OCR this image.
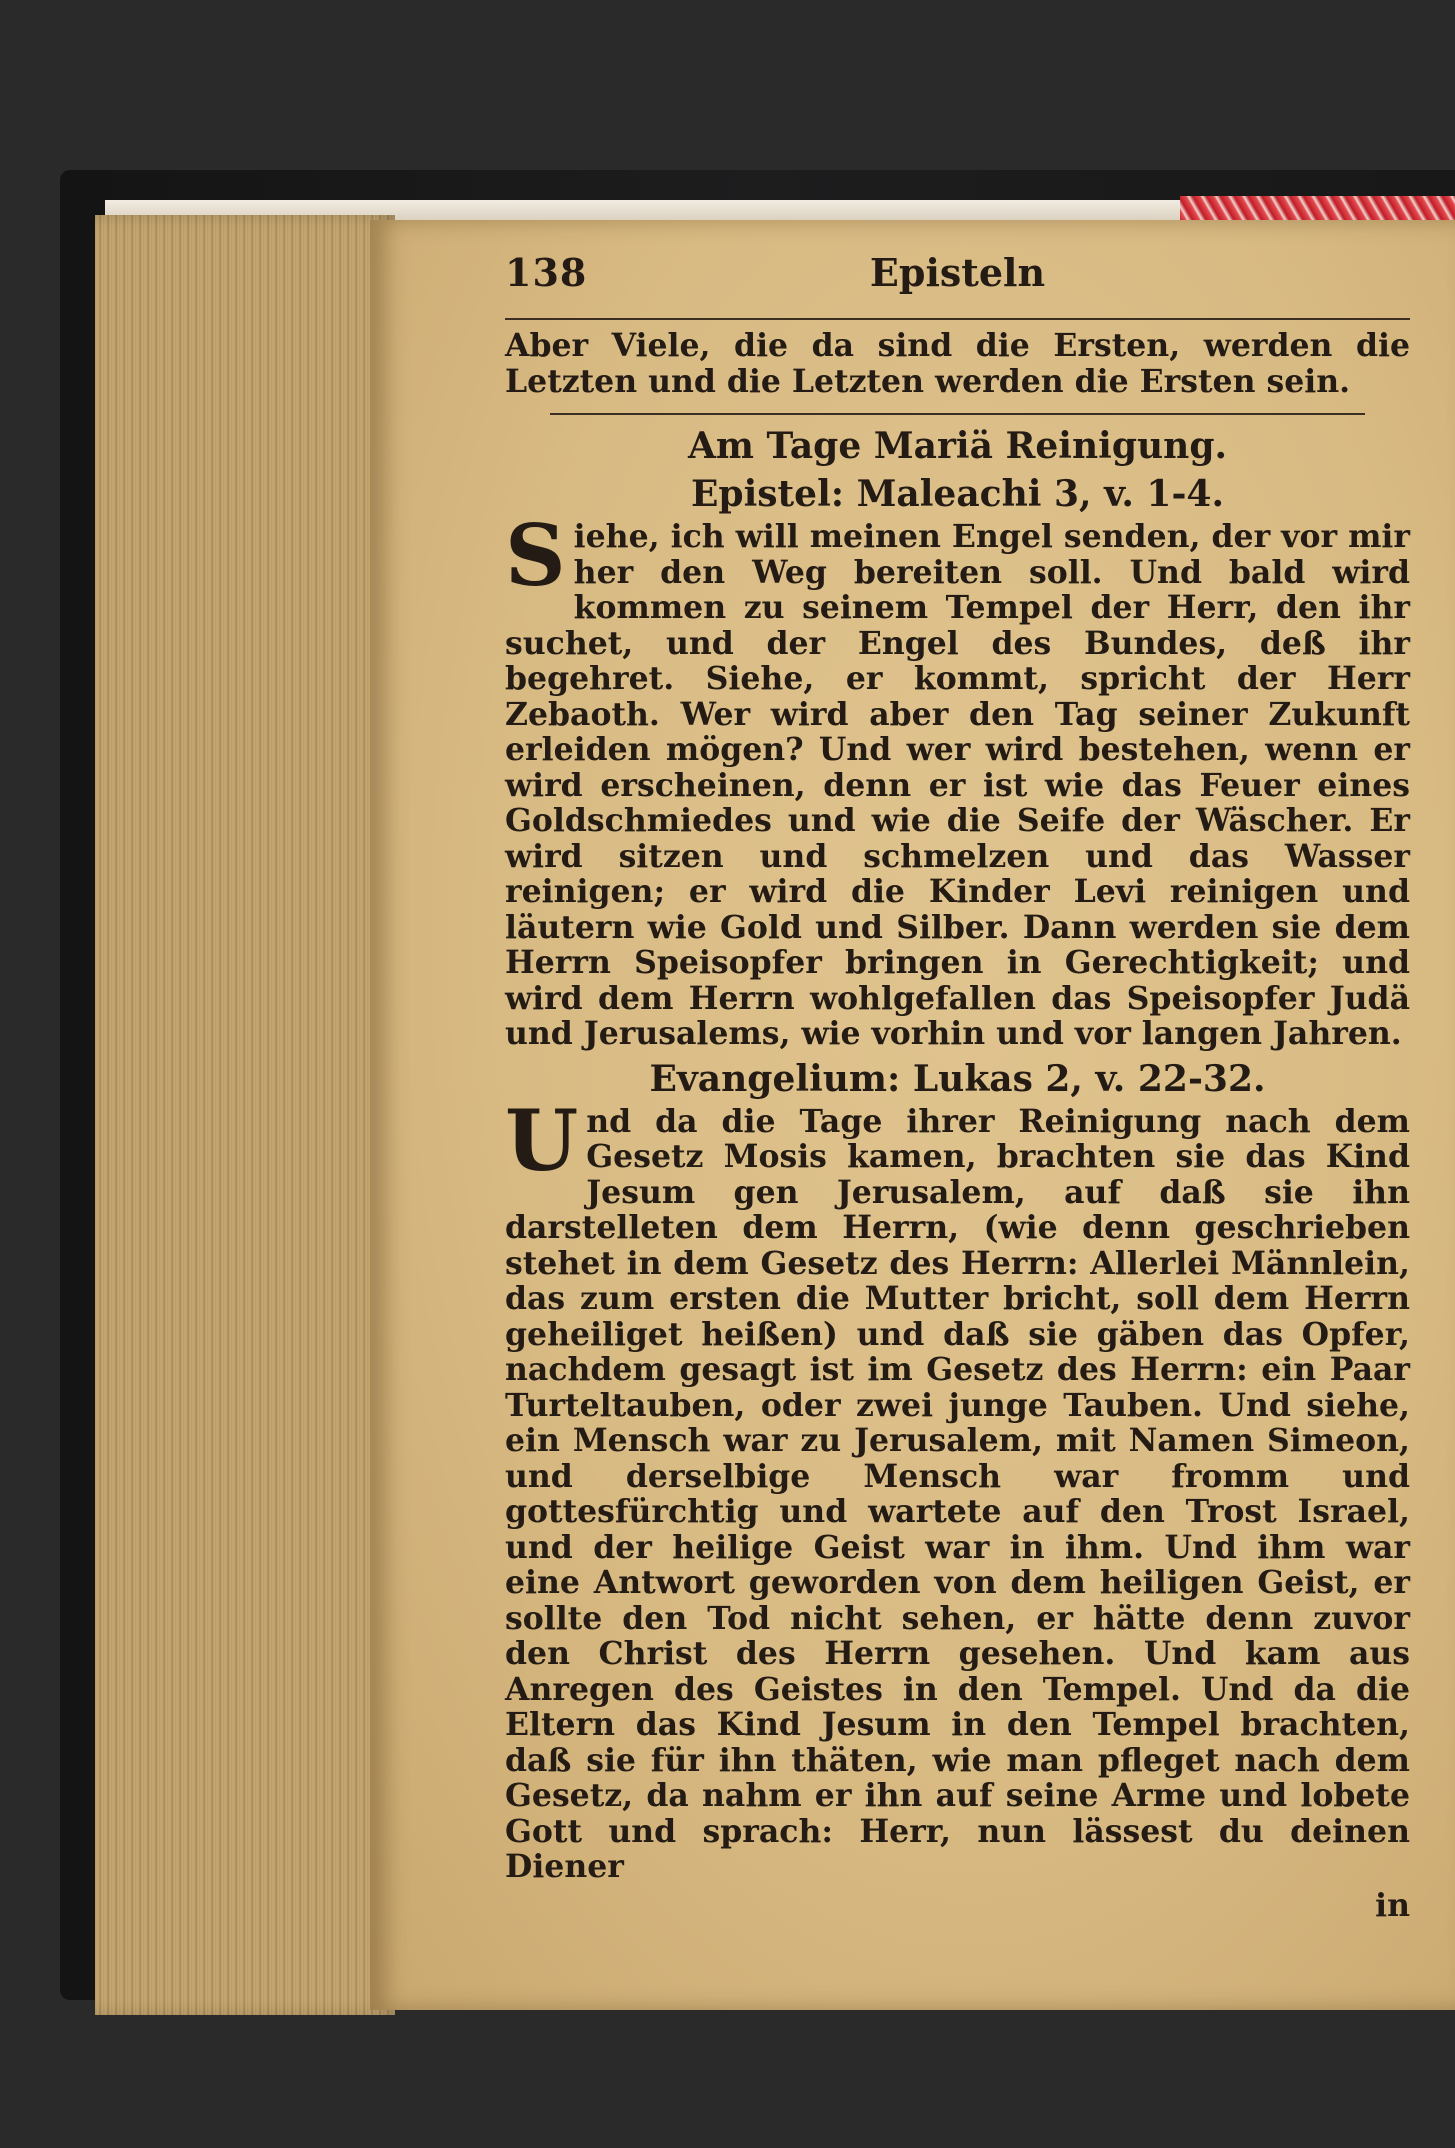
138	Episteln

Aber Viele, die da sind die Ersten, werden die Letzten und die Letzten werden die Ersten sein.

Am Tage Mariä Reinigung.
Epistel: Maleachi 3, v. 1-4.

Siehe, ich will meinen Engel senden, der vor mir her den Weg bereiten soll. Und bald wird kommen zu seinem Tempel der Herr, den ihr suchet, und der Engel des Bundes, deß ihr begehret. Siehe, er kommt, spricht der Herr Zebaoth. Wer wird aber den Tag seiner Zukunft erleiden mögen? Und wer wird bestehen, wenn er wird erscheinen, denn er ist wie das Feuer eines Goldschmiedes und wie die Seife der Wäscher. Er wird sitzen und schmelzen und das Wasser reinigen; er wird die Kinder Levi reinigen und läutern wie Gold und Silber. Dann werden sie dem Herrn Speisopfer bringen in Gerechtigkeit; und wird dem Herrn wohlgefallen das Speisopfer Judä und Jerusalems, wie vorhin und vor langen Jahren.

Evangelium: Lukas 2, v. 22-32.

Und da die Tage ihrer Reinigung nach dem Gesetz Mosis kamen, brachten sie das Kind Jesum gen Jerusalem, auf daß sie ihn darstelleten dem Herrn, (wie denn geschrieben stehet in dem Gesetz des Herrn: Allerlei Männlein, das zum ersten die Mutter bricht, soll dem Herrn geheiliget heißen) und daß sie gäben das Opfer, nachdem gesagt ist im Gesetz des Herrn: ein Paar Turteltauben, oder zwei junge Tauben. Und siehe, ein Mensch war zu Jerusalem, mit Namen Simeon, und derselbige Mensch war fromm und gottesfürchtig und wartete auf den Trost Israel, und der heilige Geist war in ihm. Und ihm war eine Antwort geworden von dem heiligen Geist, er sollte den Tod nicht sehen, er hätte denn zuvor den Christ des Herrn gesehen. Und kam aus Anregen des Geistes in den Tempel. Und da die Eltern das Kind Jesum in den Tempel brachten, daß sie für ihn thäten, wie man pfleget nach dem Gesetz, da nahm er ihn auf seine Arme und lobete Gott und sprach: Herr, nun lässest du deinen Diener

in
